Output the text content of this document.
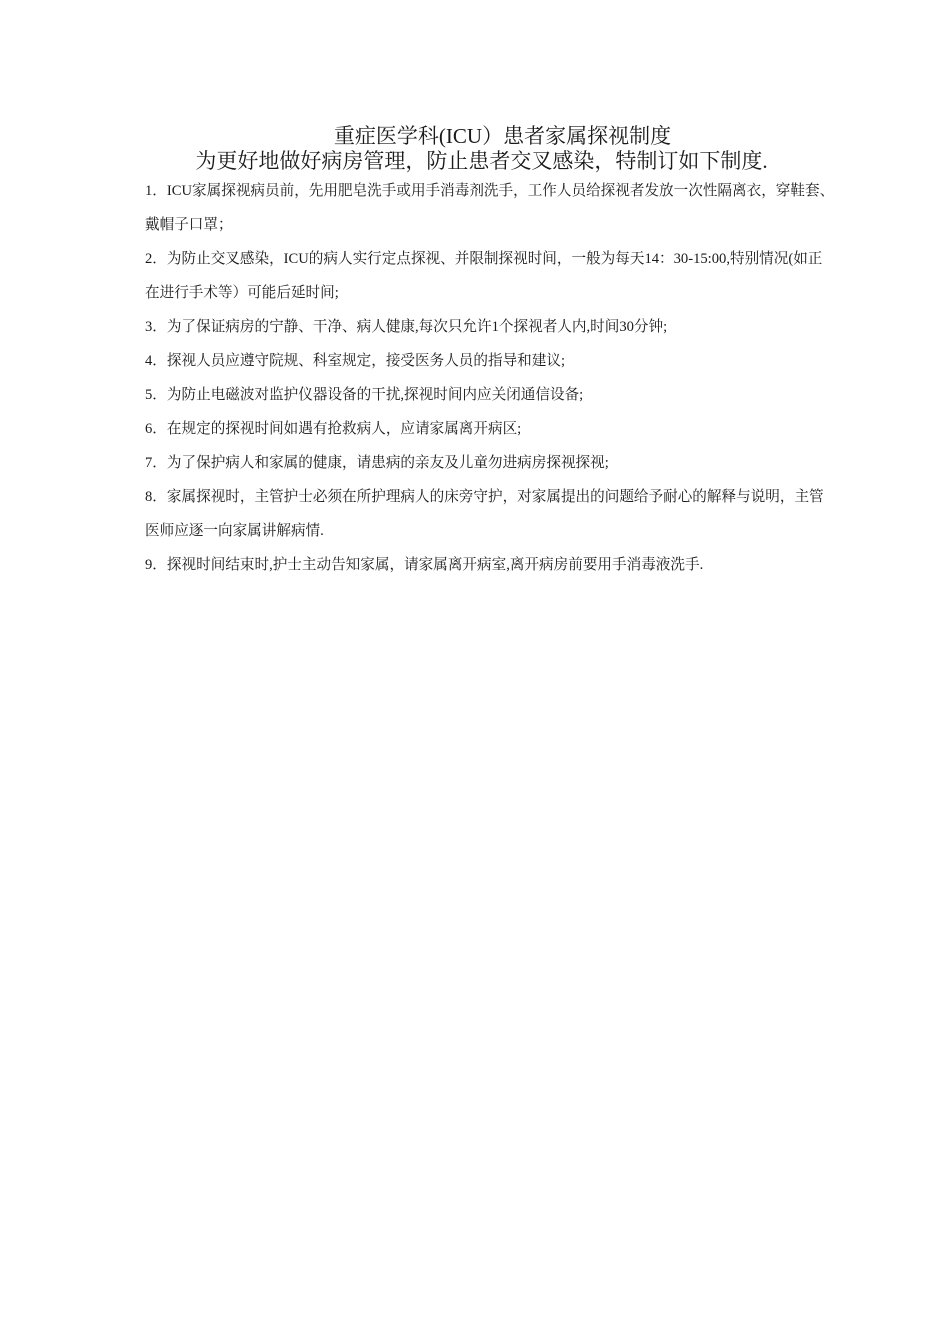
重症医学科(ICU）患者家属探视制度
为更好地做好病房管理，防止患者交叉感染，特制订如下制度.

1．ICU家属探视病员前，先用肥皂洗手或用手消毒剂洗手，工作人员给探视者发放一次性隔离衣，穿鞋套、戴帽子口罩；

2．为防止交叉感染，ICU的病人实行定点探视、并限制探视时间，一般为每天14：30-15:00,特别情况(如正在进行手术等）可能后延时间;

3．为了保证病房的宁静、干净、病人健康,每次只允许1个探视者人内,时间30分钟;

4．探视人员应遵守院规、科室规定，接受医务人员的指导和建议;

5．为防止电磁波对监护仪器设备的干扰,探视时间内应关闭通信设备;

6．在规定的探视时间如遇有抢救病人，应请家属离开病区;

7．为了保护病人和家属的健康，请患病的亲友及儿童勿进病房探视探视;

8．家属探视时，主管护士必须在所护理病人的床旁守护，对家属提出的问题给予耐心的解释与说明，主管医师应逐一向家属讲解病情.

9．探视时间结束时,护士主动告知家属，请家属离开病室,离开病房前要用手消毒液洗手.
